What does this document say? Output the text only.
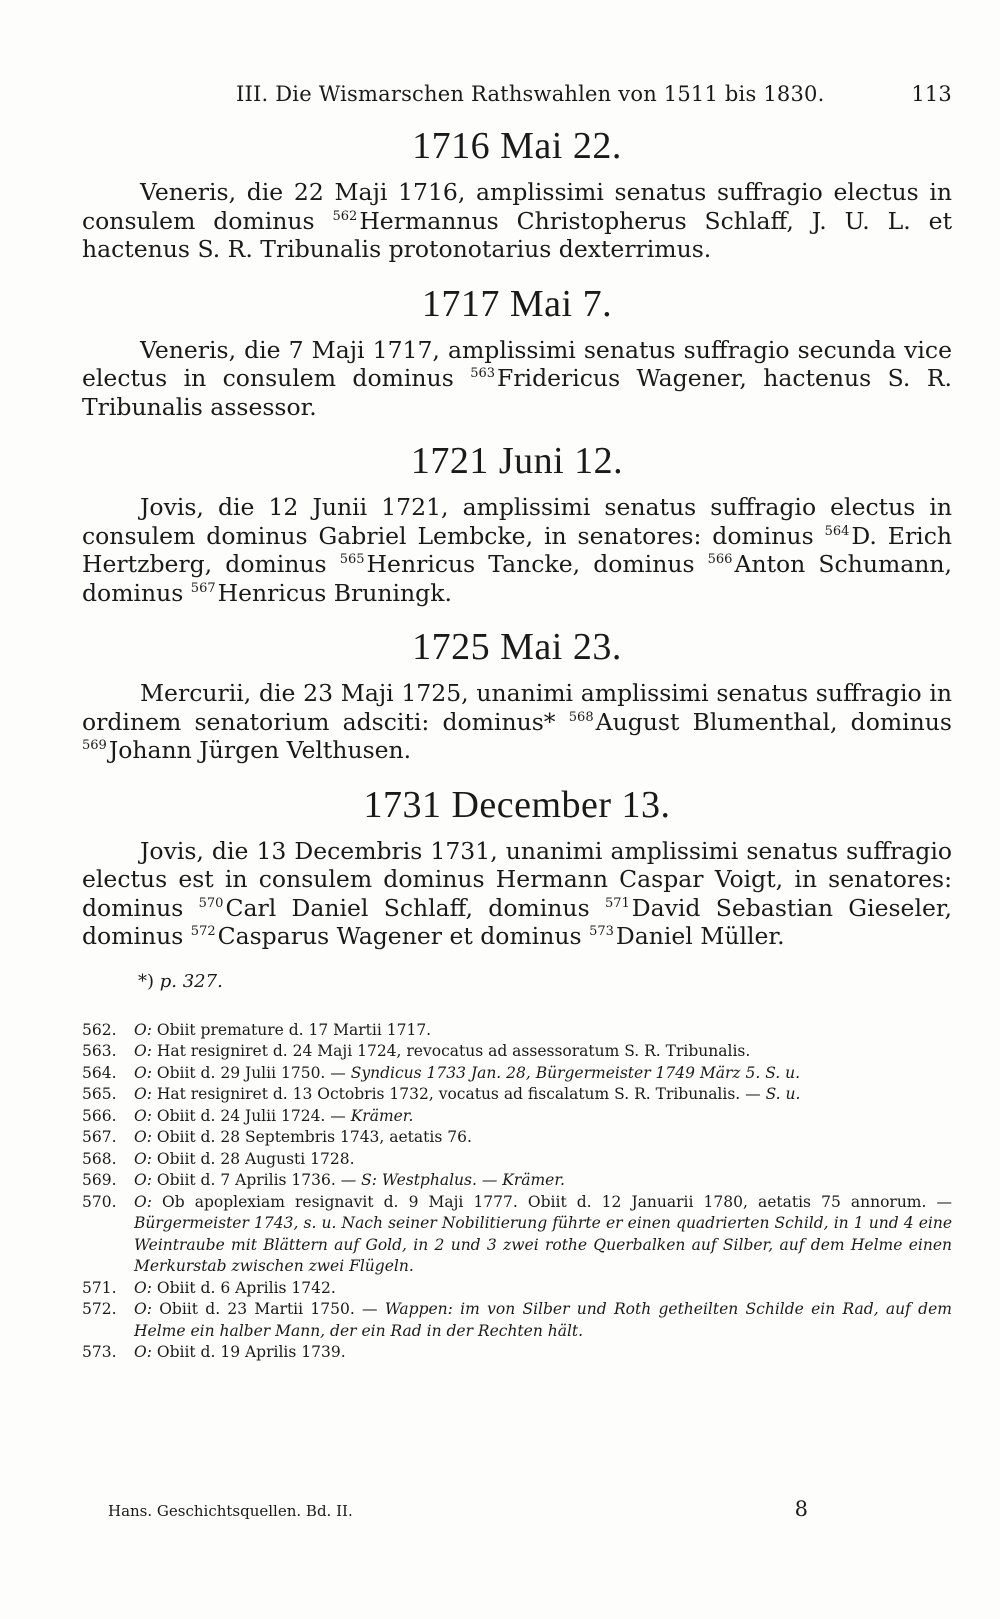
III. Die Wismarschen Rathswahlen von 1511 bis 1830.	113
1716 Mai 22.

Veneris, die 22 Maji 1716, amplissimi senatus suffragio electus in consulem dominus $^{562}$Hermannus Christopherus Schlaff, J. U. L. et hactenus S. R. Tribunalis protonotarius dexterrimus.

1717 Mai 7.

Veneris, die 7 Maji 1717, amplissimi senatus suffragio secunda vice electus in consulem dominus $^{563}$Fridericus Wagener, hactenus S. R. Tribunalis assessor.

1721 Juni 12.

Jovis, die 12 Junii 1721, amplissimi senatus suffragio electus in consulem dominus Gabriel Lembcke, in senatores: dominus $^{564}$D. Erich Hertzberg, dominus $^{565}$Henricus Tancke, dominus $^{566}$Anton Schumann, dominus $^{567}$Henricus Bruningk.

1725 Mai 23.

Mercurii, die 23 Maji 1725, unanimi amplissimi senatus suffragio in ordinem senatorium adsciti: dominus* $^{568}$August Blumenthal, dominus $^{569}$Johann Jürgen Velthusen.

1731 December 13.

Jovis, die 13 Decembris 1731, unanimi amplissimi senatus suffragio electus est in consulem dominus Hermann Caspar Voigt, in senatores: dominus $^{570}$Carl Daniel Schlaff, dominus $^{571}$David Sebastian Gieseler, dominus $^{572}$Casparus Wagener et dominus $^{573}$Daniel Müller.

*) p. 327.
562.	O: Obiit premature d. 17 Martii 1717.
563.	O: Hat resigniret d. 24 Maji 1724, revocatus ad assessoratum S. R. Tribunalis.
564.	O: Obiit d. 29 Julii 1750. — Syndicus 1733 Jan. 28, Bürgermeister 1749 März 5. S. u.
565.	O: Hat resigniret d. 13 Octobris 1732, vocatus ad fiscalatum S. R. Tribunalis. — S. u.
566.	O: Obiit d. 24 Julii 1724. — Krämer.
567.	O: Obiit d. 28 Septembris 1743, aetatis 76.
568.	O: Obiit d. 28 Augusti 1728.
569.	O: Obiit d. 7 Aprilis 1736. — S: Westphalus. — Krämer.
570.	O: Ob apoplexiam resignavit d. 9 Maji 1777. Obiit d. 12 Januarii 1780, aetatis 75 annorum. — Bürgermeister 1743, s. u. Nach seiner Nobilitierung führte er einen quadrierten Schild, in 1 und 4 eine Weintraube mit Blättern auf Gold, in 2 und 3 zwei rothe Querbalken auf Silber, auf dem Helme einen Merkurstab zwischen zwei Flügeln.
571.	O: Obiit d. 6 Aprilis 1742.
572.	O: Obiit d. 23 Martii 1750. — Wappen: im von Silber und Roth getheilten Schilde ein Rad, auf dem Helme ein halber Mann, der ein Rad in der Rechten hält.
573.	O: Obiit d. 19 Aprilis 1739.
Hans. Geschichtsquellen. Bd. II.	8
